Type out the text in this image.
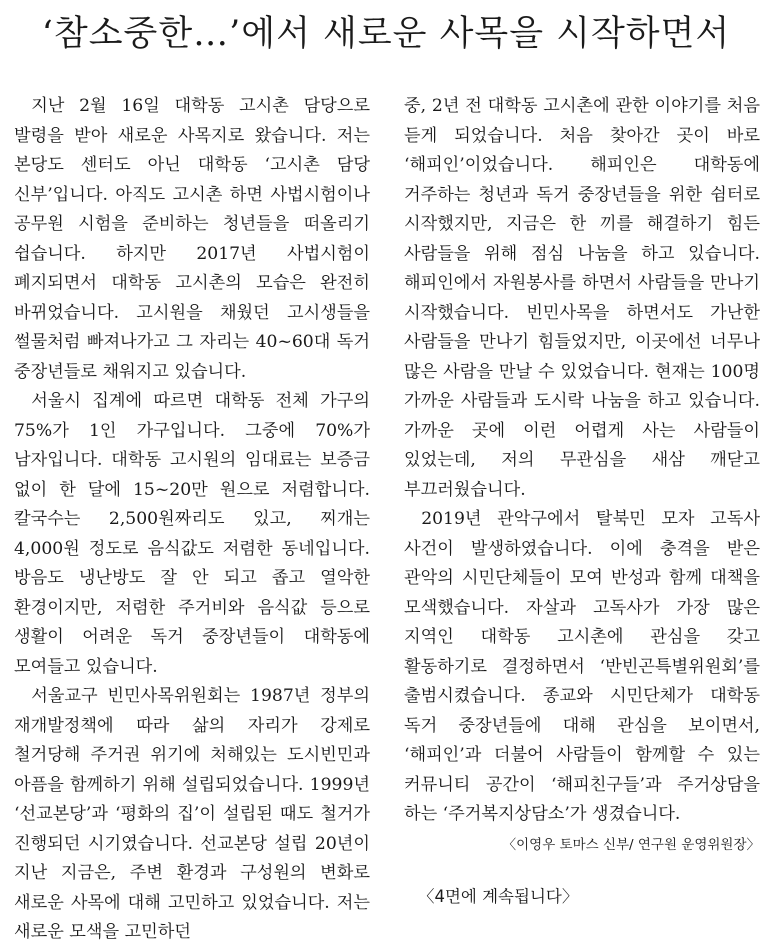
‘참소중한…’에서 새로운 사목을 시작하면서

지난 2월 16일 대학동 고시촌 담당으로 발령을 받아 새로운 사목지로 왔습니다. 저는 본당도 센터도 아닌 대학동 ‘고시촌 담당 신부’입니다. 아직도 고시촌 하면 사법시험이나 공무원 시험을 준비하는 청년들을 떠올리기 쉽습니다. 하지만 2017년 사법시험이 폐지되면서 대학동 고시촌의 모습은 완전히 바뀌었습니다. 고시원을 채웠던 고시생들을 썰물처럼 빠져나가고 그 자리는 40~60대 독거 중장년들로 채워지고 있습니다.

서울시 집계에 따르면 대학동 전체 가구의 75%가 1인 가구입니다. 그중에 70%가 남자입니다. 대학동 고시원의 임대료는 보증금 없이 한 달에 15~20만 원으로 저렴합니다. 칼국수는 2,500원짜리도 있고, 찌개는 4,000원 정도로 음식값도 저렴한 동네입니다. 방음도 냉난방도 잘 안 되고 좁고 열악한 환경이지만, 저렴한 주거비와 음식값 등으로 생활이 어려운 독거 중장년들이 대학동에 모여들고 있습니다.

서울교구 빈민사목위원회는 1987년 정부의 재개발정책에 따라 삶의 자리가 강제로 철거당해 주거권 위기에 처해있는 도시빈민과 아픔을 함께하기 위해 설립되었습니다. 1999년 ‘선교본당’과 ‘평화의 집’이 설립된 때도 철거가 진행되던 시기였습니다. 선교본당 설립 20년이 지난 지금은, 주변 환경과 구성원의 변화로 새로운 사목에 대해 고민하고 있었습니다. 저는 새로운 모색을 고민하던

중, 2년 전 대학동 고시촌에 관한 이야기를 처음 듣게 되었습니다. 처음 찾아간 곳이 바로 ‘해피인’이었습니다. 해피인은 대학동에 거주하는 청년과 독거 중장년들을 위한 쉼터로 시작했지만, 지금은 한 끼를 해결하기 힘든 사람들을 위해 점심 나눔을 하고 있습니다. 해피인에서 자원봉사를 하면서 사람들을 만나기 시작했습니다. 빈민사목을 하면서도 가난한 사람들을 만나기 힘들었지만, 이곳에선 너무나 많은 사람을 만날 수 있었습니다. 현재는 100명 가까운 사람들과 도시락 나눔을 하고 있습니다. 가까운 곳에 이런 어렵게 사는 사람들이 있었는데, 저의 무관심을 새삼 깨닫고 부끄러웠습니다.

2019년 관악구에서 탈북민 모자 고독사 사건이 발생하였습니다. 이에 충격을 받은 관악의 시민단체들이 모여 반성과 함께 대책을 모색했습니다. 자살과 고독사가 가장 많은 지역인 대학동 고시촌에 관심을 갖고 활동하기로 결정하면서 ‘반빈곤특별위원회’를 출범시켰습니다. 종교와 시민단체가 대학동 독거 중장년들에 대해 관심을 보이면서, ‘해피인’과 더불어 사람들이 함께할 수 있는 커뮤니티 공간이 ‘해피친구들’과 주거상담을 하는 ‘주거복지상담소’가 생겼습니다.

〈이영우 토마스 신부/ 연구원 운영위원장〉
〈4면에 계속됩니다〉
